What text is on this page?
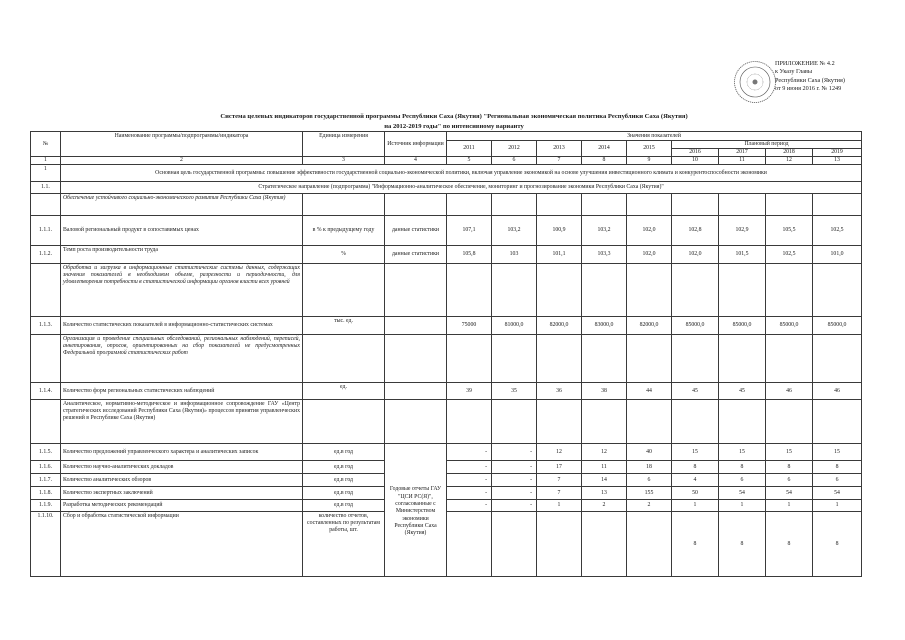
ПРИЛОЖЕНИЕ № 4.2
к Указу Главы
Республики Саха (Якутия)
от 9 июня 2016 г. № 1249
Система целевых индикаторов государственной программы Республики Саха (Якутия) "Региональная экономическая политика Республики Саха (Якутия)
на 2012-2019 годы" по интенсивному варианту
№	Наименование программы/подпрограммы/индикатора	Единица измерения	Источник информации	Значения показателей								
				2011	2012	2013	2014	2015	Плановый период			
									2016	2017	2018	2019
1	2	3	4	5	6	7	8	9	10	11	12	13
1	Основная цель государственной программы: повышение эффективности государственной социально-экономической политики, включая управление экономикой на основе улучшения инвестиционного климата и конкурентоспособности экономики											
1.1.	Стратегическое направление (подпрограмма) "Информационно-аналитическое обеспечение, мониторинг и прогнозирование экономики Республики Саха (Якутия)"											
	Обеспечение устойчивого социально-экономического развития Республики Саха (Якутия)											
1.1.1.	Валовой региональный продукт в сопоставимых ценах	в % к предыдущему году	данные статистики	107,1	103,2	100,9	103,2	102,0	102,8	102,9	105,5	102,5
1.1.2.	Темп роста производительности труда	%	данные статистики	105,8	103	101,1	103,3	102,0	102,0	101,5	102,5	101,0
	Обработка и загрузка в информационные статистические системы данных, содержащих значения показателей в необходимом объеме, разрезности и периодичности, для удовлетворения потребности в статистической информации органов власти всех уровней											
1.1.3.	Количество статистических показателей в информационно-статистических системах	тыс. ед.		75000	81000,0	82000,0	83000,0	82000,0	85000,0	85000,0	85000,0	85000,0
	Организация и проведение специальных обследований, региональных наблюдений, переписей, анкетирования, опросов, ориентированных на сбор показателей не предусмотренных Федеральной программой статистических работ											
1.1.4.	Количество форм региональных статистических наблюдений	ед.		39	35	36	38	44	45	45	46	46
	Аналитическое, нормативно-методическое и информационное сопровождение ГАУ «Центр стратегических исследований Республики Саха (Якутия)» процессов принятия управленческих решений в Республике Саха (Якутия)											
1.1.5.	Количество предложений управленческого характера и аналитических записок	ед.в год	Годовые отчеты ГАУ "ЦСИ РС(Я)", согласованные с Министерством экономики Республики Саха (Якутия)	-	-	12	12	40	15	15	15	15
1.1.6.	Количество научно-аналитических докладов	ед.в год		-	-	17	11	18	8	8	8	8
1.1.7.	Количество аналитических обзоров	ед.в год		-	-	7	14	6	4	6	6	6
1.1.8.	Количество экспертных заключений	ед.в год		-	-	7	13	155	50	54	54	54
1.1.9.	Разработка методических рекомендаций	ед.в год		-	-	1	2	2	1	1	1	1
1.1.10.	Сбор и обработка статистической информации	количество отчетов, составленных по результатам работы, шт.							8	8	8	8
